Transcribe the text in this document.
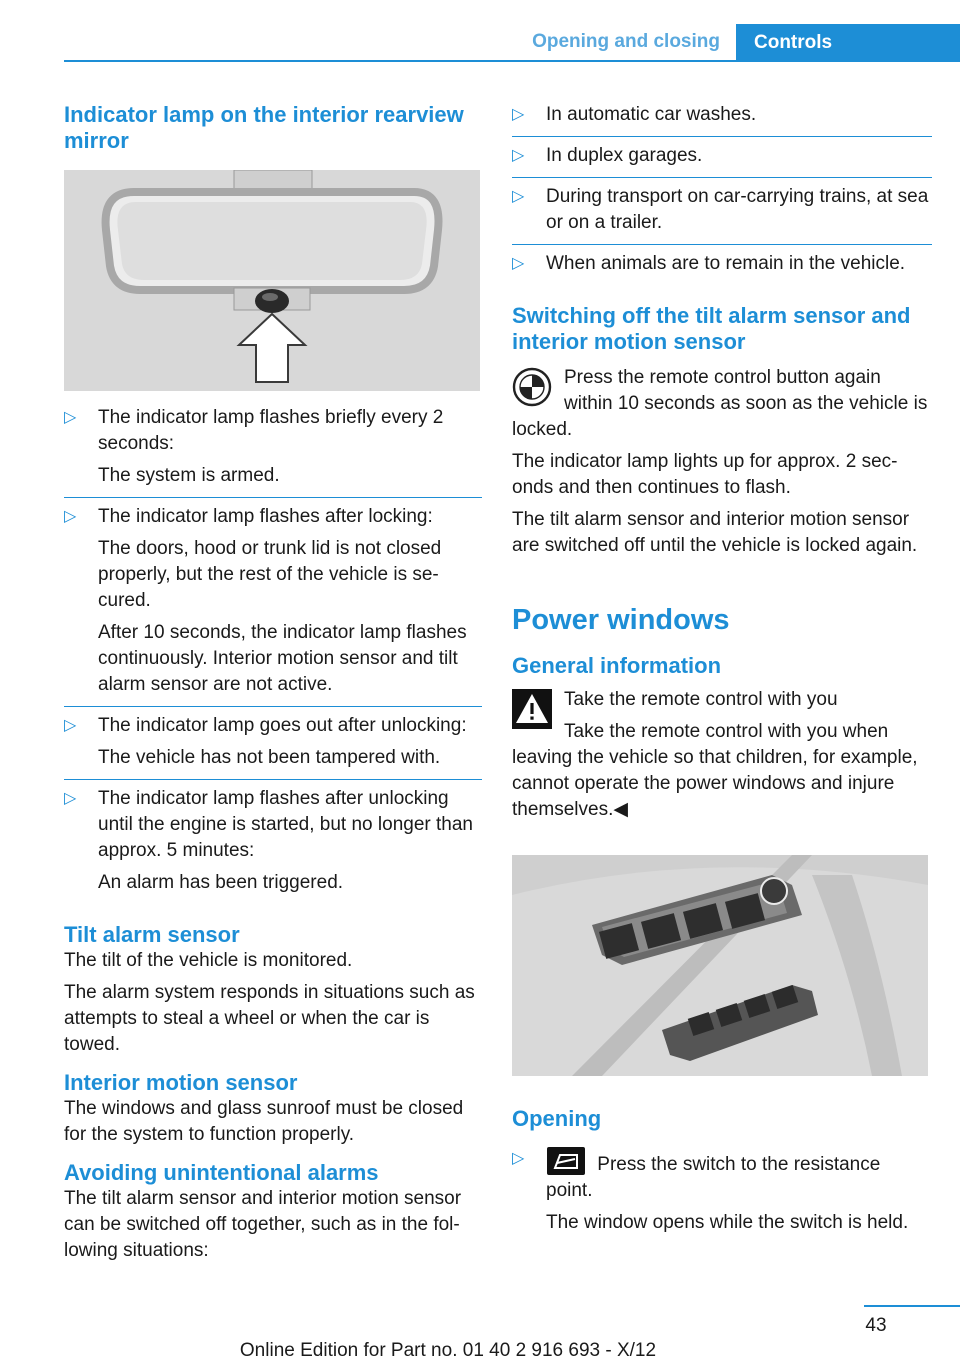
Opening and closing	Controls
Indicator lamp on the interior rearview mirror
▷ The indicator lamp flashes briefly every 2 seconds:

The system is armed.

▷ The indicator lamp flashes after locking:

The doors, hood or trunk lid is not closed properly, but the rest of the vehicle is se‐ cured.

After 10 seconds, the indicator lamp flashes continuously. Interior motion sensor and tilt alarm sensor are not active.

▷ The indicator lamp goes out after unlocking:

The vehicle has not been tampered with.

▷ The indicator lamp flashes after unlocking until the engine is started, but no longer than approx. 5 minutes:

An alarm has been triggered.

Tilt alarm sensor

The tilt of the vehicle is monitored.

The alarm system responds in situations such as attempts to steal a wheel or when the car is towed.

Interior motion sensor

The windows and glass sunroof must be closed for the system to function properly.

Avoiding unintentional alarms

The tilt alarm sensor and interior motion sensor can be switched off together, such as in the fol‐ lowing situations:

▷ In automatic car washes.
▷ In duplex garages.
▷ During transport on car-carrying trains, at sea or on a trailer.
▷ When animals are to remain in the vehicle.
Switching off the tilt alarm sensor and interior motion sensor

Press the remote control button again within 10 seconds as soon as the vehicle is locked.

The indicator lamp lights up for approx. 2 sec‐ onds and then continues to flash.

The tilt alarm sensor and interior motion sensor are switched off until the vehicle is locked again.

Power windows
General information

Take the remote control with you

Take the remote control with you when leaving the vehicle so that children, for example, cannot operate the power windows and injure themselves.◀

Opening
▷	Press the switch to the resistance point.

The window opens while the switch is held.

43
Online Edition for Part no. 01 40 2 916 693 - X/12
